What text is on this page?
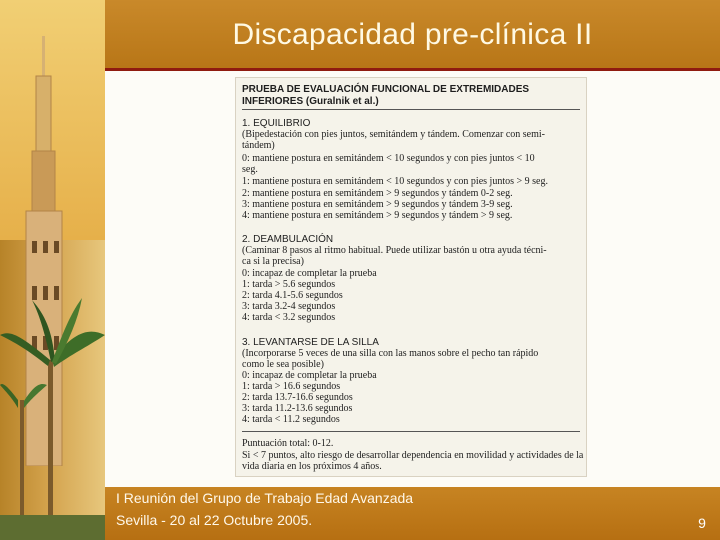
Discapacidad pre-clínica II
PRUEBA DE EVALUACIÓN FUNCIONAL DE EXTREMIDADES
INFERIORES (Guralnik et al.)
1. EQUILIBRIO
(Bipedestación con pies juntos, semitándem y tándem. Comenzar con semi-
tándem)
0: mantiene postura en semitándem < 10 segundos y con pies juntos < 10
seg.
1: mantiene postura en semitándem < 10 segundos y con pies juntos > 9 seg.
2: mantiene postura en semitándem > 9 segundos y tándem 0-2 seg.
3: mantiene postura en semitándem > 9 segundos y tándem 3-9 seg.
4: mantiene postura en semitándem > 9 segundos y tándem > 9 seg.
2. DEAMBULACIÓN
(Caminar 8 pasos al ritmo habitual. Puede utilizar bastón u otra ayuda técni-
ca si la precisa)
0: incapaz de completar la prueba
1: tarda > 5.6 segundos
2: tarda 4.1-5.6 segundos
3: tarda 3.2-4 segundos
4: tarda < 3.2 segundos
3. LEVANTARSE DE LA SILLA
(Incorporarse 5 veces de una silla con las manos sobre el pecho tan rápido
como le sea posible)
0: incapaz de completar la prueba
1: tarda > 16.6 segundos
2: tarda 13.7-16.6 segundos
3: tarda 11.2-13.6 segundos
4: tarda < 11.2 segundos
Puntuación total: 0-12.
Si < 7 puntos, alto riesgo de desarrollar dependencia en movilidad y actividades de la
vida diaria en los próximos 4 años.
I Reunión del Grupo de Trabajo Edad Avanzada
Sevilla - 20 al 22 Octubre 2005.	9
